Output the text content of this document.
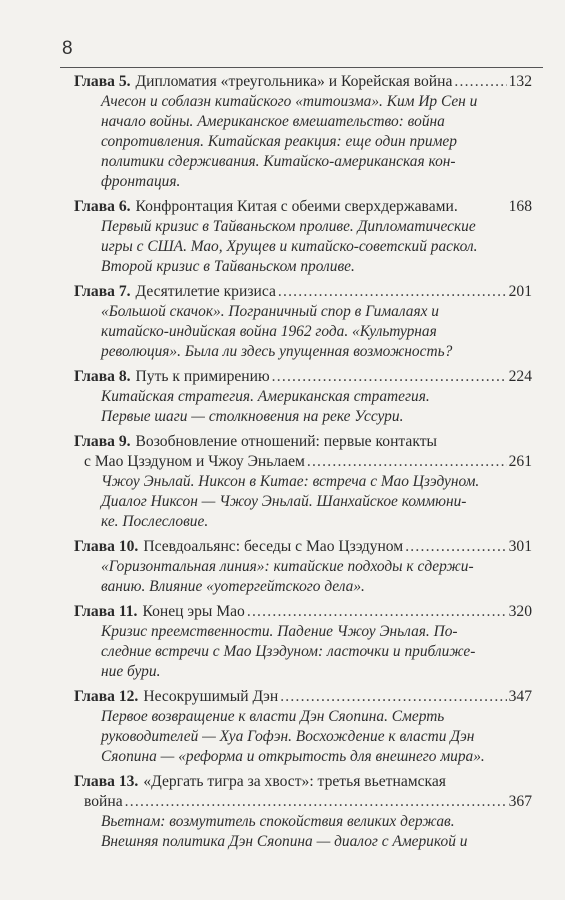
8
Глава 5. Дипломатия «треугольника» и Корейская война .....	132
Ачесон и соблазн китайского «титоизма». Ким Ир Сен и
начало войны. Американское вмешательство: война
сопротивления. Китайская реакция: еще один пример
политики сдерживания. Китайско-американская кон-
фронтация.
Глава 6. Конфронтация Китая с обеими сверхдержавами.	168
Первый кризис в Тайваньском проливе. Дипломатические
игры с США. Мао, Хрущев и китайско-советский раскол.
Второй кризис в Тайваньском проливе.
Глава 7. Десятилетие кризиса .....	201
«Большой скачок». Пограничный спор в Гималаях и
китайско-индийская война 1962 года. «Культурная
революция». Была ли здесь упущенная возможность?
Глава 8. Путь к примирению .....	224
Китайская стратегия. Американская стратегия.
Первые шаги — столкновения на реке Уссури.
Глава 9. Возобновление отношений: первые контакты
с Мао Цзэдуном и Чжоу Эньлаем .....	261
Чжоу Эньлай. Никсон в Китае: встреча с Мао Цзэдуном.
Диалог Никсон — Чжоу Эньлай. Шанхайское коммюни-
ке. Послесловие.
Глава 10. Псевдоальянс: беседы с Мао Цзэдуном .....	301
«Горизонтальная линия»: китайские подходы к сдержи-
ванию. Влияние «уотергейтского дела».
Глава 11. Конец эры Мао .....	320
Кризис преемственности. Падение Чжоу Эньлая. По-
следние встречи с Мао Цзэдуном: ласточки и приближе-
ние бури.
Глава 12. Несокрушимый Дэн .....	347
Первое возвращение к власти Дэн Сяопина. Смерть
руководителей — Хуа Гофэн. Восхождение к власти Дэн
Сяопина — «реформа и открытость для внешнего мира».
Глава 13. «Дергать тигра за хвост»: третья вьетнамская
война .....	367
Вьетнам: возмутитель спокойствия великих держав.
Внешняя политика Дэн Сяопина — диалог с Америкой и
